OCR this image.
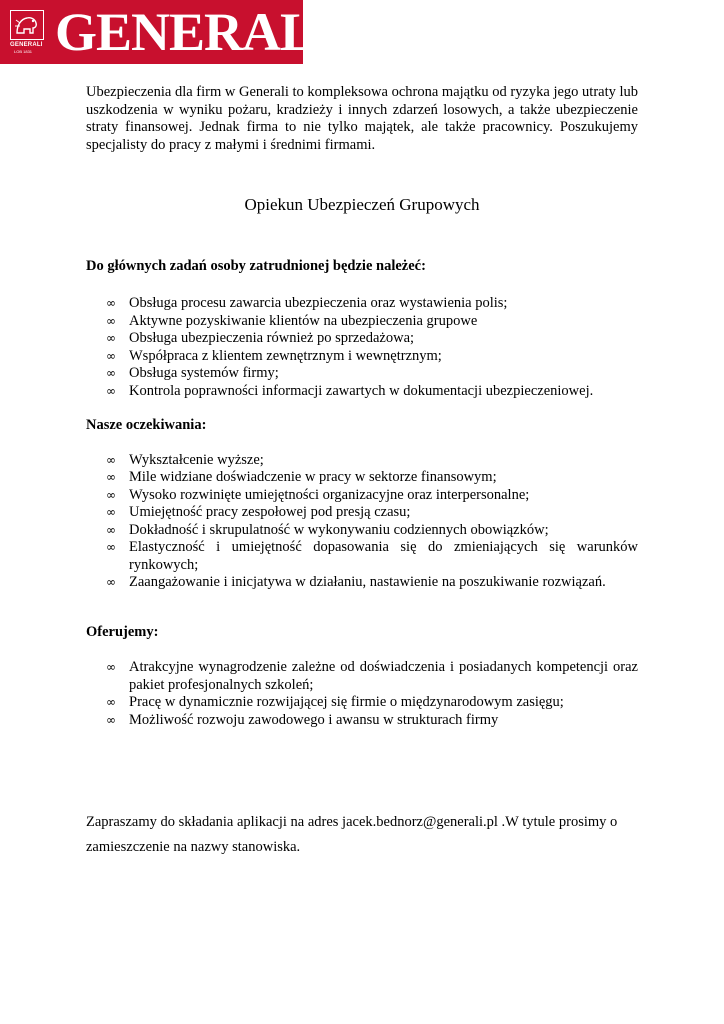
GENERALI
LOB 1831 GENERALI

Ubezpieczenia dla firm w Generali to kompleksowa ochrona majątku od ryzyka jego utraty lub uszkodzenia w wyniku pożaru, kradzieży i innych zdarzeń losowych, a także ubezpieczenie straty finansowej. Jednak firma to nie tylko majątek, ale także pracownicy. Poszukujemy specjalisty do pracy z małymi i średnimi firmami.

Opiekun Ubezpieczeń Grupowych

Do głównych zadań osoby zatrudnionej będzie należeć:

∞ Obsługa procesu zawarcia ubezpieczenia oraz wystawienia polis;
∞ Aktywne pozyskiwanie klientów na ubezpieczenia grupowe
∞ Obsługa ubezpieczenia również po sprzedażowa;
∞ Współpraca z klientem zewnętrznym i wewnętrznym;
∞ Obsługa systemów firmy;
∞ Kontrola poprawności informacji zawartych w dokumentacji ubezpieczeniowej.

Nasze oczekiwania:

∞ Wykształcenie wyższe;
∞ Mile widziane doświadczenie w pracy w sektorze finansowym;
∞ Wysoko rozwinięte umiejętności organizacyjne oraz interpersonalne;
∞ Umiejętność pracy zespołowej pod presją czasu;
∞ Dokładność i skrupulatność w wykonywaniu codziennych obowiązków;
∞ Elastyczność i umiejętność dopasowania się do zmieniających się warunków rynkowych;
∞ Zaangażowanie i inicjatywa w działaniu, nastawienie na poszukiwanie rozwiązań.

Oferujemy:

∞ Atrakcyjne wynagrodzenie zależne od doświadczenia i posiadanych kompetencji oraz pakiet profesjonalnych szkoleń;
∞ Pracę w dynamicznie rozwijającej się firmie o międzynarodowym zasięgu;
∞ Możliwość rozwoju zawodowego i awansu w strukturach firmy
Zapraszamy do składania aplikacji na adres jacek.bednorz@generali.pl .W tytule prosimy o zamieszczenie na nazwy stanowiska.
